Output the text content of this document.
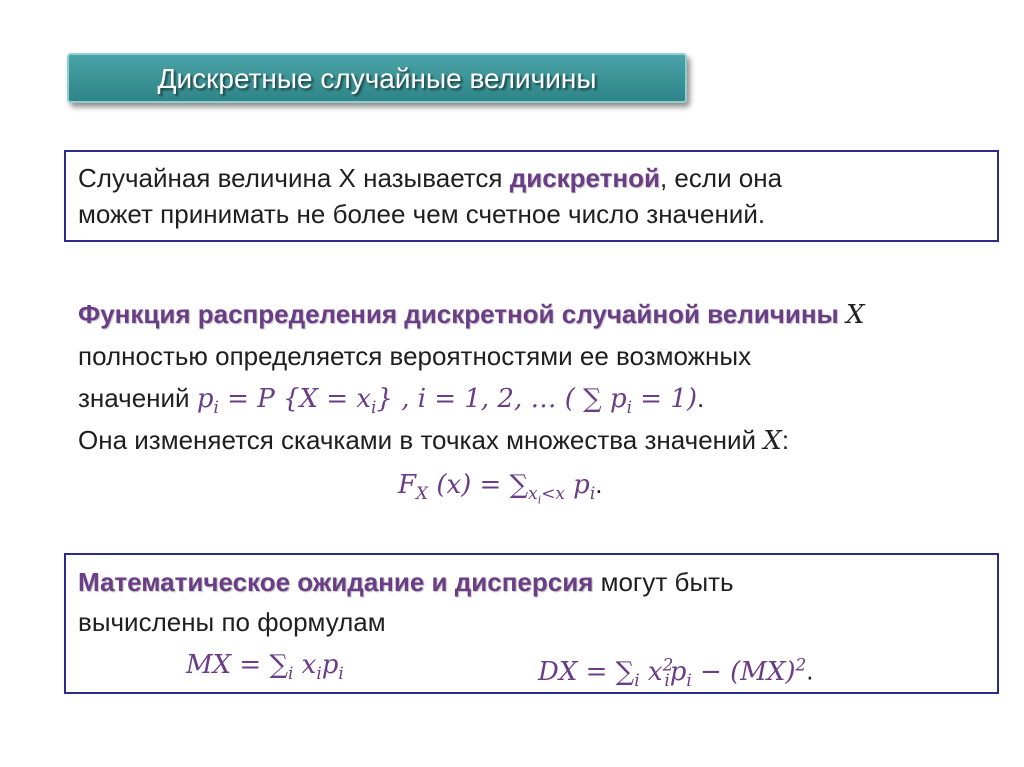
Дискретные случайные величины
Случайная величина X называется дискретной, если она
может принимать не более чем счетное число значений.
Функция распределения дискретной случайной величины X
полностью определяется вероятностями ее возможных
значений $p_i = P$ $\{X = x_i\}$ , i = 1, 2, … ( ∑ $p_i = 1$).
Она изменяется скачками в точках множества значений X:
$F_X$ $(x) = \sum_{x_i<x}$ $p_i$.
Математическое ожидание и дисперсия могут быть
вычислены по формулам
MX = $\sum_i$ $x_ip_i$	DX = $\sum_i$ $x^2_ip_i - (MX)^2$.
